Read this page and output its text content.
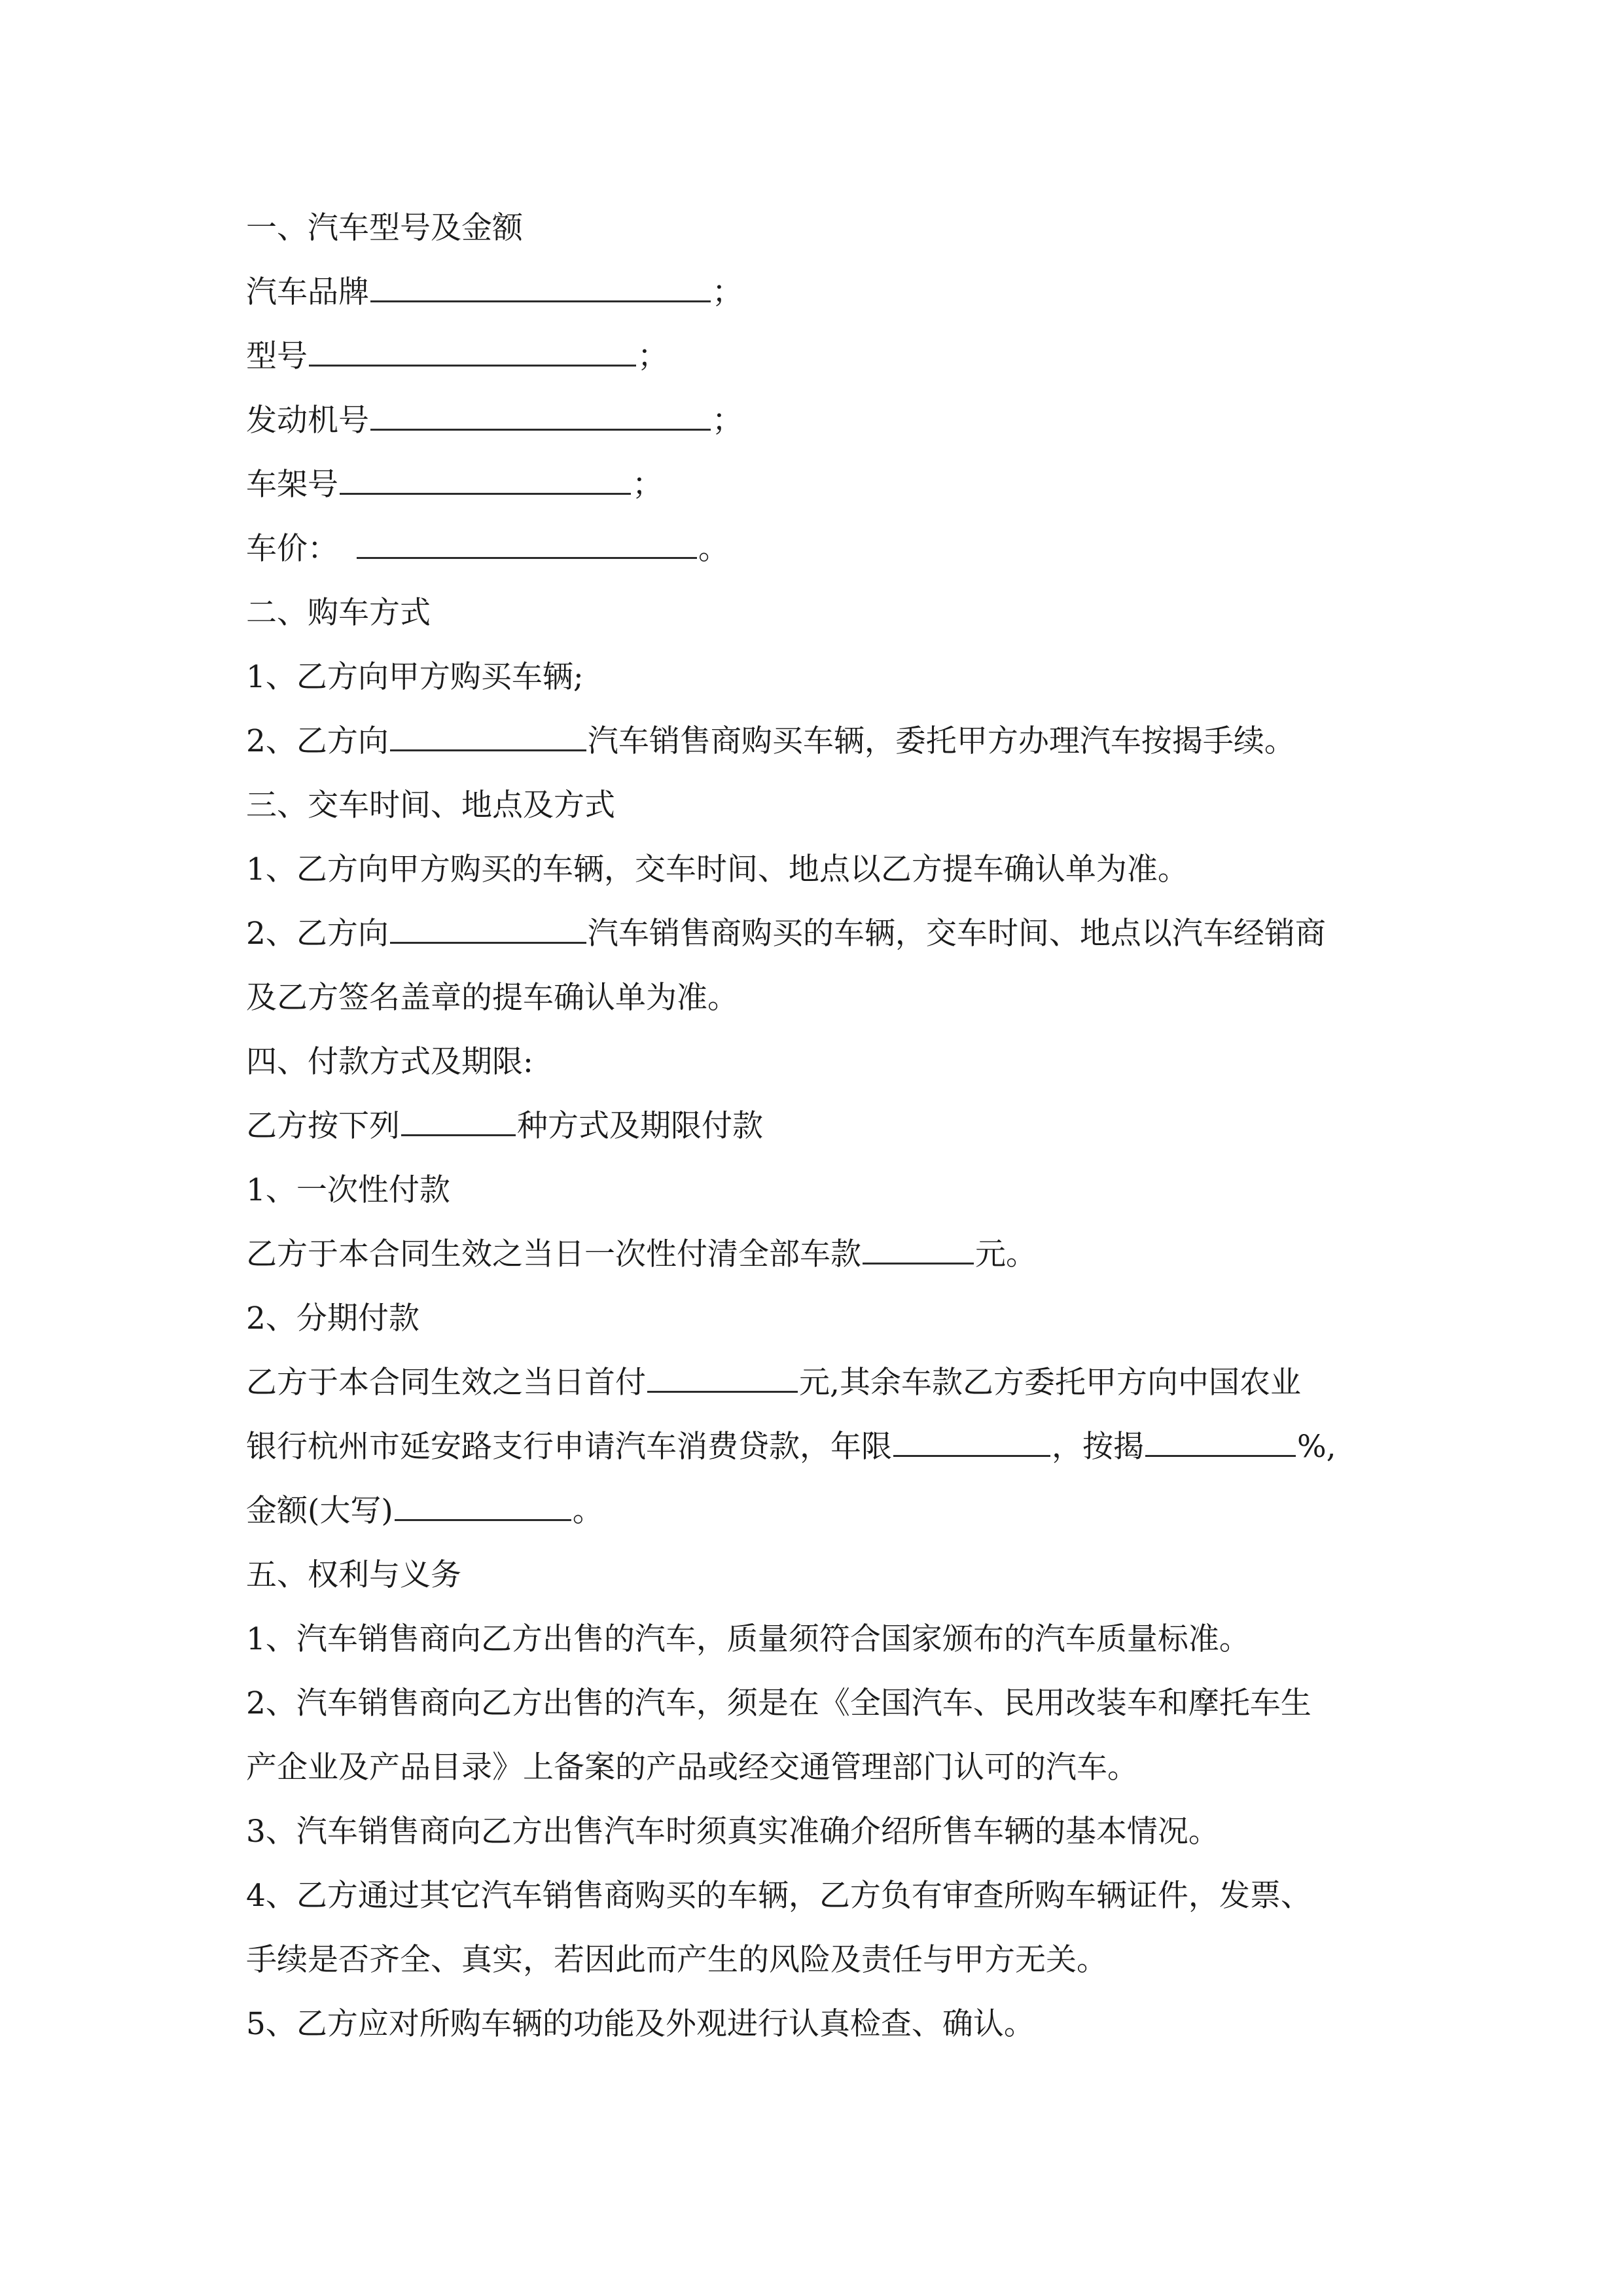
一、汽车型号及金额
汽车品牌	；
型号	；
发动机号	；
车架号	；
车价：	。
二、购车方式
1、乙方向甲方购买车辆;
2、乙方向	汽车销售商购买车辆，委托甲方办理汽车按揭手续。
三、交车时间、地点及方式
1、乙方向甲方购买的车辆，交车时间、地点以乙方提车确认单为准。
2、乙方向	汽车销售商购买的车辆，交车时间、地点以汽车经销商
及乙方签名盖章的提车确认单为准。
四、付款方式及期限:
乙方按下列	种方式及期限付款
1、一次性付款
乙方于本合同生效之当日一次性付清全部车款	元。
2、分期付款
乙方于本合同生效之当日首付	元,其余车款乙方委托甲方向中国农业
银行杭州市延安路支行申请汽车消费贷款，年限	，按揭	%,
金额(大写)	。
五、权利与义务
1、汽车销售商向乙方出售的汽车，质量须符合国家颁布的汽车质量标准。
2、汽车销售商向乙方出售的汽车，须是在《全国汽车、民用改装车和摩托车生
产企业及产品目录》上备案的产品或经交通管理部门认可的汽车。
3、汽车销售商向乙方出售汽车时须真实准确介绍所售车辆的基本情况。
4、乙方通过其它汽车销售商购买的车辆，乙方负有审查所购车辆证件，发票、
手续是否齐全、真实，若因此而产生的风险及责任与甲方无关。
5、乙方应对所购车辆的功能及外观进行认真检查、确认。
